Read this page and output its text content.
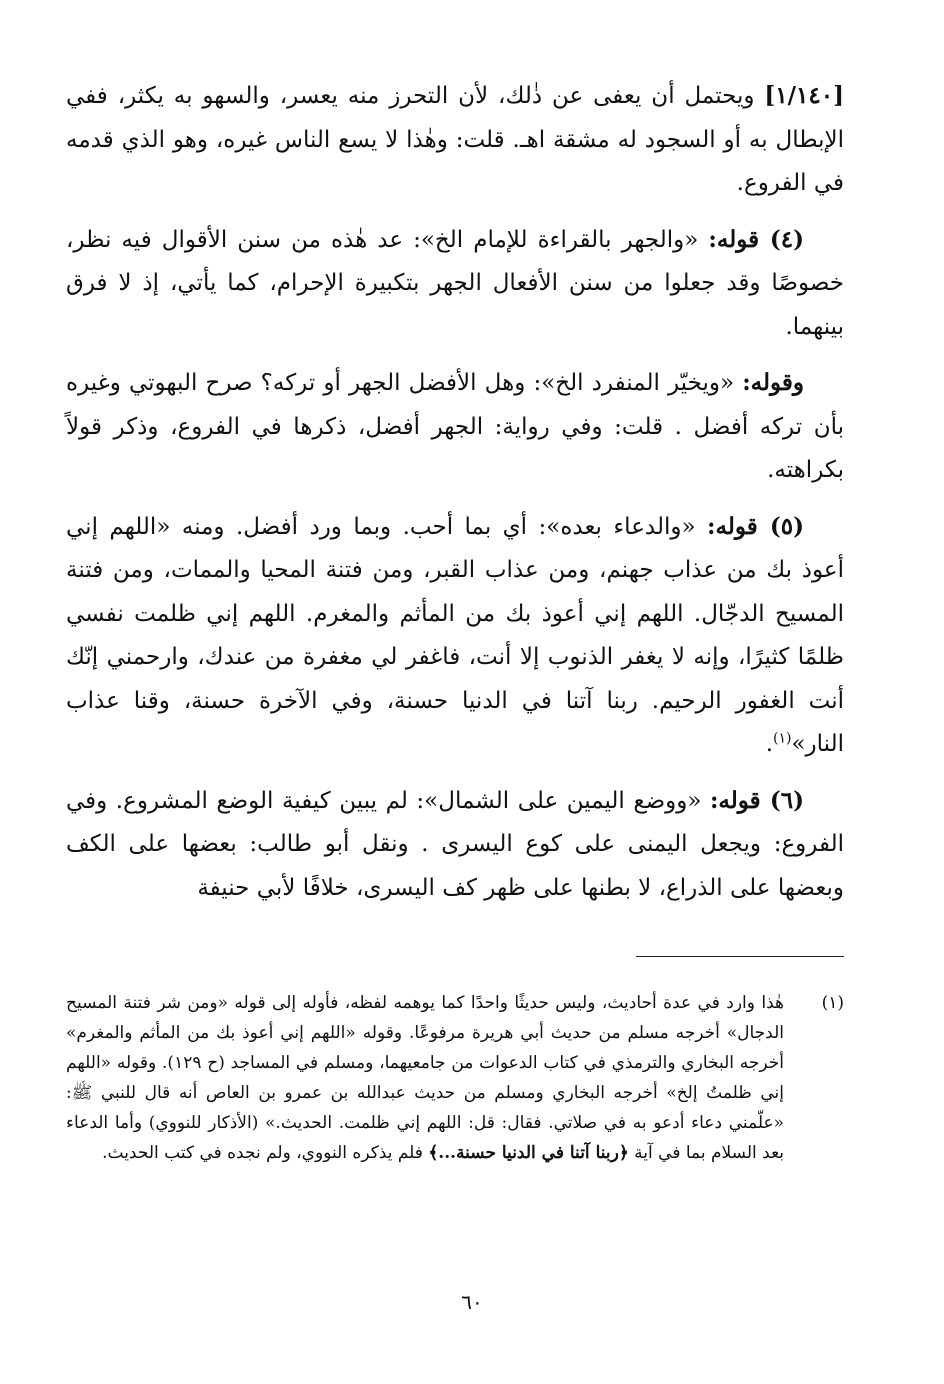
[١/١٤٠] ويحتمل أن يعفى عن ذٰلك، لأن التحرز منه يعسر، والسهو به يكثر، ففي الإبطال به أو السجود له مشقة اهـ. قلت: وهٰذا لا يسع الناس غيره، وهو الذي قدمه في الفروع.

(٤) قوله: «والجهر بالقراءة للإمام الخ»: عد هٰذه من سنن الأقوال فيه نظر، خصوصًا وقد جعلوا من سنن الأفعال الجهر بتكبيرة الإحرام، كما يأتي، إذ لا فرق بينهما.

وقوله: «ويخيّر المنفرد الخ»: وهل الأفضل الجهر أو تركه؟ صرح البهوتي وغيره بأن تركه أفضل . قلت: وفي رواية: الجهر أفضل، ذكرها في الفروع، وذكر قولاً بكراهته.

(٥) قوله: «والدعاء بعده»: أي بما أحب. وبما ورد أفضل. ومنه «اللهم إني أعوذ بك من عذاب جهنم، ومن عذاب القبر، ومن فتنة المحيا والممات، ومن فتنة المسيح الدجّال. اللهم إني أعوذ بك من المأثم والمغرم. اللهم إني ظلمت نفسي ظلمًا كثيرًا، وإنه لا يغفر الذنوب إلا أنت، فاغفر لي مغفرة من عندك، وارحمني إنّك أنت الغفور الرحيم. ربنا آتنا في الدنيا حسنة، وفي الآخرة حسنة، وقنا عذاب النار»$^{(١)}$.

(٦) قوله: «ووضع اليمين على الشمال»: لم يبين كيفية الوضع المشروع. وفي الفروع: ويجعل اليمنى على كوع اليسرى . ونقل أبو طالب: بعضها على الكف وبعضها على الذراع، لا بطنها على ظهر كف اليسرى، خلافًا لأبي حنيفة

(١)
هٰذا وارد في عدة أحاديث، وليس حديثًا واحدًا كما يوهمه لفظه، فأوله إلى قوله «ومن شر فتنة المسيح الدجال» أخرجه مسلم من حديث أبي هريرة مرفوعًا. وقوله «اللهم إني أعوذ بك من المأثم والمغرم» أخرجه البخاري والترمذي في كتاب الدعوات من جامعيهما، ومسلم في المساجد (ح ١٢٩). وقوله «اللهم إني ظلمتُ إلخ» أخرجه البخاري ومسلم من حديث عبدالله بن عمرو بن العاص أنه قال للنبي ﷺ: «علّمني دعاء أدعو به في صلاتي. فقال: قل: اللهم إني ظلمت. الحديث.» (الأذكار للنووي) وأما الدعاء بعد السلام بما في آية ﴿ربنا آتنا في الدنيا حسنة...﴾ فلم يذكره النووي، ولم نجده في كتب الحديث.
٦٠
